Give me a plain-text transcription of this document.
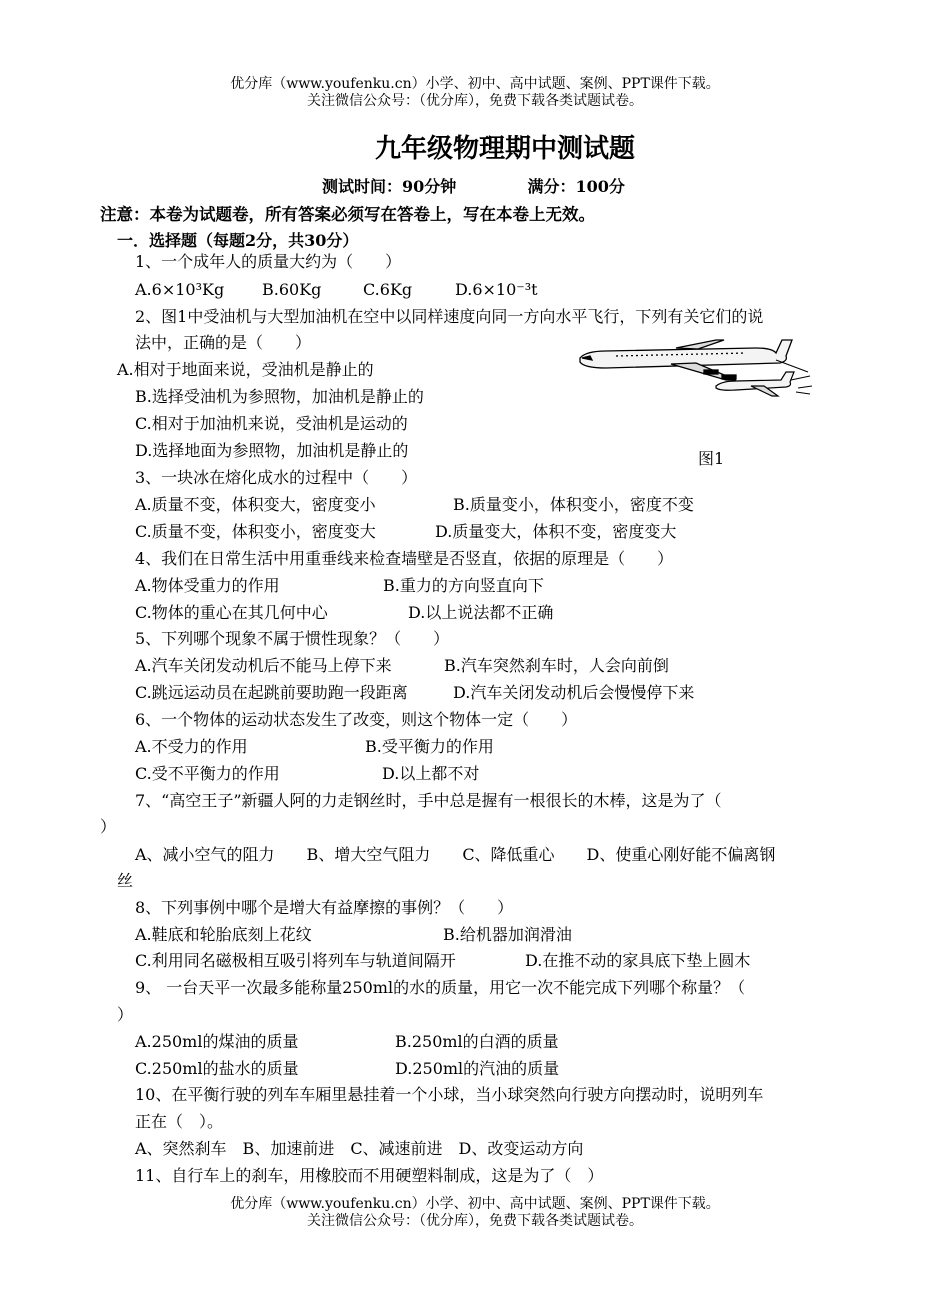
优分库（www.youfenku.cn）小学、初中、高中试题、案例、PPT课件下载。
关注微信公众号：（优分库），免费下载各类试题试卷。
九年级物理期中测试题
测试时间：90分钟	满分：100分
注意：本卷为试题卷，所有答案必须写在答卷上，写在本卷上无效。
一．选择题（每题2分，共30分）
1、一个成年人的质量大约为（　　）
A.6×10³Kg B.60Kg	C.6Kg	D.6×10⁻³t
2、图1中受油机与大型加油机在空中以同样速度向同一方向水平飞行，下列有关它们的说
法中，正确的是（　　）
A.相对于地面来说，受油机是静止的
B.选择受油机为参照物，加油机是静止的
C.相对于加油机来说，受油机是运动的
D.选择地面为参照物，加油机是静止的	图1
3、一块冰在熔化成水的过程中（　　）
A.质量不变，体积变大，密度变小	B.质量变小，体积变小，密度不变
C.质量不变，体积变小，密度变大	D.质量变大，体积不变，密度变大
4、我们在日常生活中用重垂线来检查墙壁是否竖直，依据的原理是（　　）
A.物体受重力的作用	B.重力的方向竖直向下
C.物体的重心在其几何中心	D.以上说法都不正确
5、下列哪个现象不属于惯性现象？（　　）
A.汽车关闭发动机后不能马上停下来	B.汽车突然刹车时，人会向前倒
C.跳远运动员在起跳前要助跑一段距离	D.汽车关闭发动机后会慢慢停下来
6、一个物体的运动状态发生了改变，则这个物体一定（　　）
A.不受力的作用	B.受平衡力的作用
C.受不平衡力的作用	D.以上都不对
7、“高空王子”新疆人阿的力走钢丝时，手中总是握有一根很长的木棒，这是为了（
）
A、减小空气的阻力　　B、增大空气阻力　　C、降低重心　　D、使重心刚好能不偏离钢
丝
8、下列事例中哪个是增大有益摩擦的事例？（　　）
A.鞋底和轮胎底刻上花纹	B.给机器加润滑油
C.利用同名磁极相互吸引将列车与轨道间隔开	D.在推不动的家具底下垫上圆木
9、 一台天平一次最多能称量250ml的水的质量，用它一次不能完成下列哪个称量？（
）
A.250ml的煤油的质量	B.250ml的白酒的质量
C.250ml的盐水的质量	D.250ml的汽油的质量
10、在平衡行驶的列车车厢里悬挂着一个小球，当小球突然向行驶方向摆动时，说明列车
正在（　）。
A、突然刹车　B、加速前进　C、减速前进　D、改变运动方向
11、自行车上的刹车，用橡胶而不用硬塑料制成，这是为了（　）
优分库（www.youfenku.cn）小学、初中、高中试题、案例、PPT课件下载。
关注微信公众号：（优分库），免费下载各类试题试卷。
